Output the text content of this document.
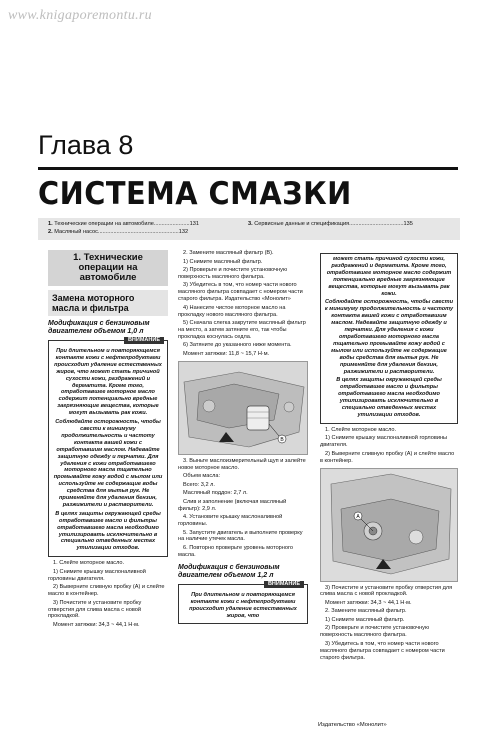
www.knigaporemontu.ru
Глава 8
СИСТЕМА СМАЗКИ
1. Технические операции на автомобиле.......................131
2. Масляный насос....................................................132
3. Сервисные данные и спецификация...................................135
1. Технические операции на автомобиле
Замена моторного масла и фильтра
Модификация с бензиновым двигателем объемом 1,0 л
ВНИМАНИЕ

При длительном и повторяющемся контакте кожи с нефтепродуктами происходит удаление естественных жиров, что может стать причиной сухости кожи, раздражений и дерматита. Кроме того, отработавшее моторное масло содержит потенциально вредные загрязняющие вещества, которые могут вызывать рак кожи.

Соблюдайте осторожность, чтобы свести к минимуму продолжительность и частоту контакта вашей кожи с отработавшим маслом. Надевайте защитную одежду и перчатки. Для удаления с кожи отработавшего моторного масла тщательно промывайте кожу водой с мылом или используйте не содержащие воды средства для мытья рук. Не применяйте для удаления бензин, разжижители и растворители.

В целях защиты окружающей среды отработавшее масло и фильтры отработавшего масла необходимо утилизировать исключительно в специально отведенных местах утилизации отходов.

1. Слейте моторное масло.

1) Снимите крышку маслоналивной горловины двигателя.

2) Выверните сливную пробку (А) и слейте масло в контейнер.

3) Почистите и установите пробку отверстия для слива масла с новой прокладкой.

Момент затяжки: 34,3 ~ 44,1 Н·м.

2. Замените масляный фильтр (В).

1) Снимите масляный фильтр.

2) Проверьте и почистите установочную поверхность масляного фильтра.

3) Убедитесь в том, что номер части нового масляного фильтра совпадает с номером части старого фильтра. Издательство «Монолит»

4) Нанесите чистое моторное масло на прокладку нового масляного фильтра.

5) Сначала слегка закрутите масляный фильтр на место, а затем затяните его, так чтобы прокладка коснулась седла.

6) Затяните до указанного ниже момента.

Момент затяжки: 11,8 ~ 15,7 Н·м.

B

3. Выньте маслоизмерительный щуп и залейте новое моторное масло.

Объем масла:

Всего: 3,2 л.

Масляный поддон: 2,7 л.

Слив и заполнение (включая масляный фильтр): 2,9 л.

4. Установите крышку маслоналивной горловины.

5. Запустите двигатель и выполните проверку на наличие утечек масла.

6. Повторно проверьте уровень моторного масла.

Модификация с бензиновым двигателем объемом 1,2 л
ВНИМАНИЕ

При длительном и повторяющемся контакте кожи с нефтепродуктами происходит удаление естественных жиров, что

может стать причиной сухости кожи, раздражений и дерматита. Кроме того, отработавшее моторное масло содержит потенциально вредные загрязняющие вещества, которые могут вызывать рак кожи.

Соблюдайте осторожность, чтобы свести к минимуму продолжительность и частоту контакта вашей кожи с отработавшим маслом. Надевайте защитную одежду и перчатки. Для удаления с кожи отработавшего моторного масла тщательно промывайте кожу водой с мылом или используйте не содержащие воды средства для мытья рук. Не применяйте для удаления бензин, разжижители и растворители.

В целях защиты окружающей среды отработавшее масло и фильтры отработавшего масла необходимо утилизировать исключительно в специально отведенных местах утилизации отходов.

1. Слейте моторное масло.

1) Снимите крышку маслоналивной горловины двигателя.

2) Выверните сливную пробку (А) и слейте масло в контейнер.

A

3) Почистите и установите пробку отверстия для слива масла с новой прокладкой.

Момент затяжки: 34,3 ~ 44,1 Н·м.

2. Замените масляный фильтр.

1) Снимите масляный фильтр.

2) Проверьте и почистите установочную поверхность масляного фильтра.

3) Убедитесь в том, что номер части нового масляного фильтра совпадает с номером части старого фильтра.

Издательство «Монолит»
